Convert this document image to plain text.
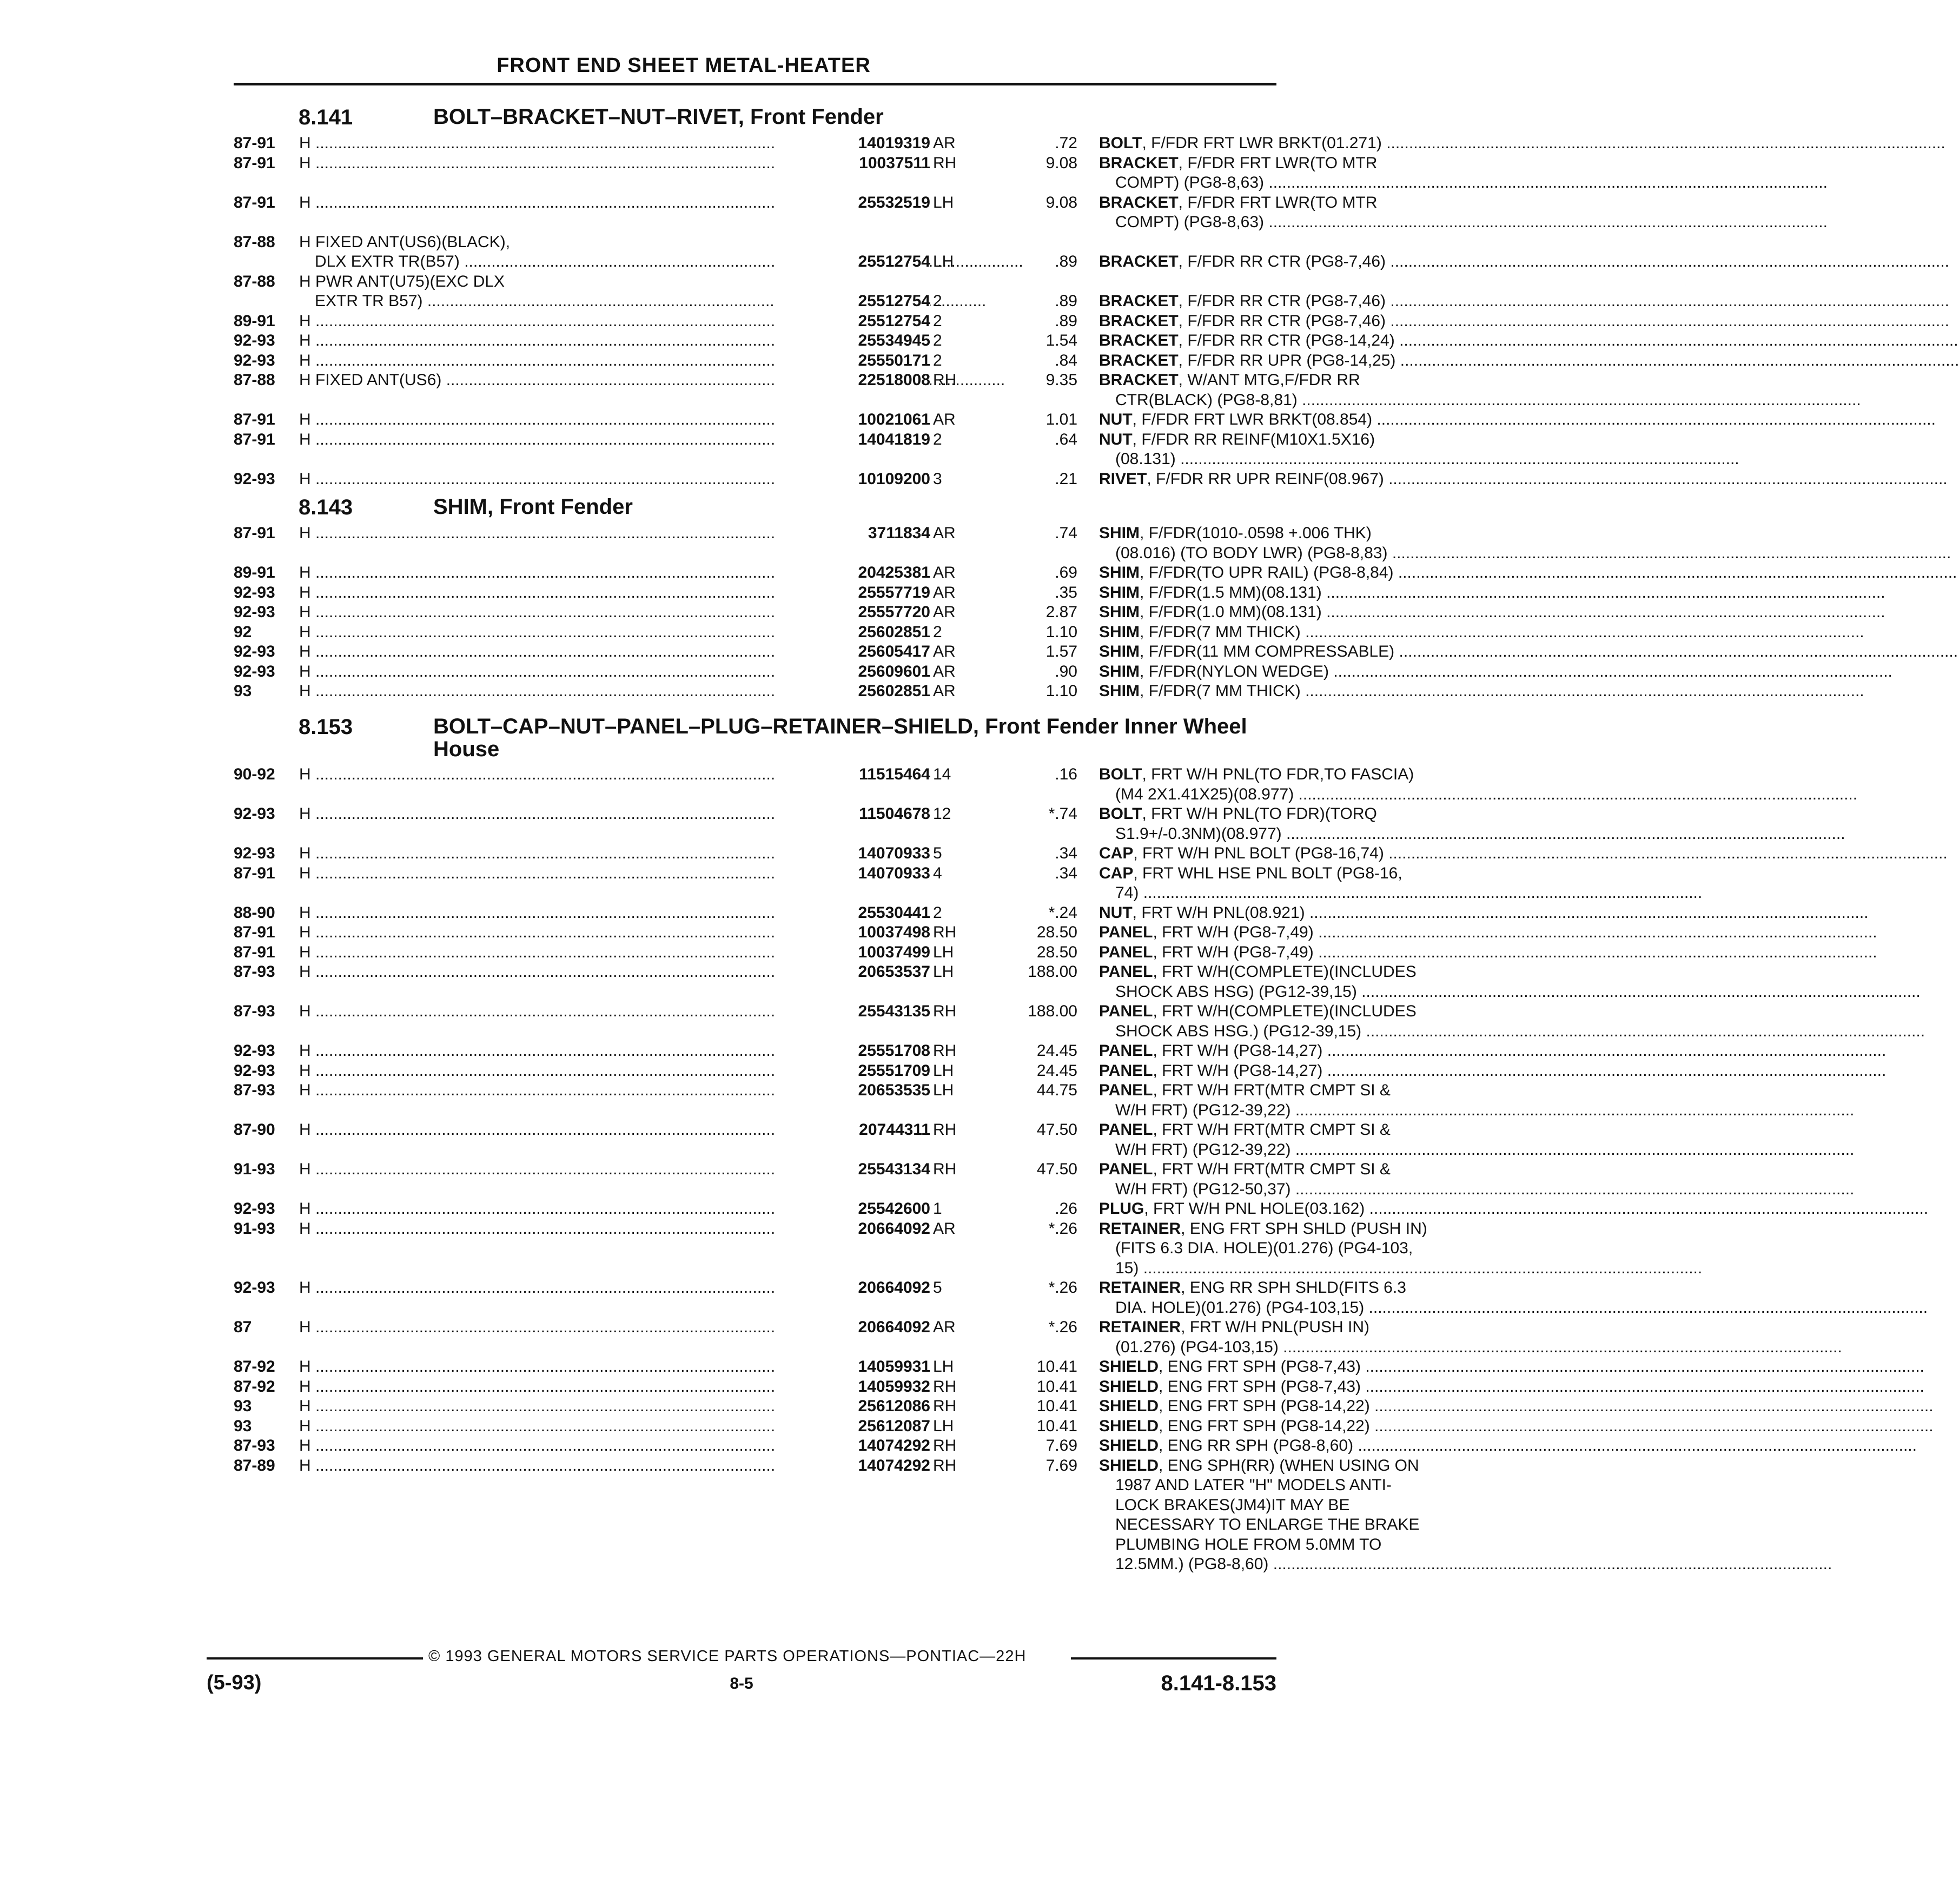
FRONT END SHEET METAL-HEATER
8.141	BOLT–BRACKET–NUT–RIVET, Front Fender
87-91 H .....	14019319 AR	.72 BOLT, F/FDR FRT LWR BRKT(01.271) .....
87-91 H .....	10037511 RH	9.08 BRACKET, F/FDR FRT LWR(TO MTR
COMPT) (PG8-8,63) .....
87-91 H .....	25532519 LH	9.08 BRACKET, F/FDR FRT LWR(TO MTR
COMPT) (PG8-8,63) .....
87-88 H FIXED ANT(US6)(BLACK),
DLX EXTR TR(B57) .....	25512754 LH	.89 BRACKET, F/FDR RR CTR (PG8-7,46) .....
87-88 H PWR ANT(U75)(EXC DLX
EXTR TR B57) .....	25512754 2	.89 BRACKET, F/FDR RR CTR (PG8-7,46) .....
89-91 H .....	25512754 2	.89 BRACKET, F/FDR RR CTR (PG8-7,46) .....
92-93 H .....	25534945 2	1.54 BRACKET, F/FDR RR CTR (PG8-14,24) .....
92-93 H .....	25550171 2	.84 BRACKET, F/FDR RR UPR (PG8-14,25) .....
87-88 H FIXED ANT(US6) .....	22518008 RH	9.35 BRACKET, W/ANT MTG,F/FDR RR
CTR(BLACK) (PG8-8,81) .....
87-91 H .....	10021061 AR	1.01 NUT, F/FDR FRT LWR BRKT(08.854) .....
87-91 H .....	14041819 2	.64 NUT, F/FDR RR REINF(M10X1.5X16)
(08.131) .....
92-93 H .....	10109200 3	.21 RIVET, F/FDR RR UPR REINF(08.967) .....
8.143	SHIM, Front Fender
87-91 H .....	3711834 AR	.74 SHIM, F/FDR(1010-.0598 +.006 THK)
(08.016) (TO BODY LWR) (PG8-8,83) .....
89-91 H .....	20425381 AR	.69 SHIM, F/FDR(TO UPR RAIL) (PG8-8,84) .....
92-93 H .....	25557719 AR	.35 SHIM, F/FDR(1.5 MM)(08.131) .....
92-93 H .....	25557720 AR	2.87 SHIM, F/FDR(1.0 MM)(08.131) .....
92	H .....	25602851 2	1.10 SHIM, F/FDR(7 MM THICK) .....
92-93 H .....	25605417 AR	1.57 SHIM, F/FDR(11 MM COMPRESSABLE) .....
92-93 H .....	25609601 AR	.90 SHIM, F/FDR(NYLON WEDGE) .....
93	H .....	25602851 AR	1.10 SHIM, F/FDR(7 MM THICK) .....
8.153	BOLT–CAP–NUT–PANEL–PLUG–RETAINER–SHIELD, Front Fender Inner Wheel House
90-92 H .....	11515464 14	.16 BOLT, FRT W/H PNL(TO FDR,TO FASCIA)
(M4 2X1.41X25)(08.977) .....
92-93 H .....	11504678 12	*.74 BOLT, FRT W/H PNL(TO FDR)(TORQ
S1.9+/-0.3NM)(08.977) .....
92-93 H .....	14070933 5	.34 CAP, FRT W/H PNL BOLT (PG8-16,74) .....
87-91 H .....	14070933 4	.34 CAP, FRT WHL HSE PNL BOLT (PG8-16,
74) .....
88-90 H .....	25530441 2	*.24 NUT, FRT W/H PNL(08.921) .....
87-91 H .....	10037498 RH	28.50 PANEL, FRT W/H (PG8-7,49) .....
87-91 H .....	10037499 LH	28.50 PANEL, FRT W/H (PG8-7,49) .....
87-93 H .....	20653537 LH	188.00 PANEL, FRT W/H(COMPLETE)(INCLUDES
SHOCK ABS HSG) (PG12-39,15) .....
87-93 H .....	25543135 RH	188.00 PANEL, FRT W/H(COMPLETE)(INCLUDES
SHOCK ABS HSG.) (PG12-39,15) .....
92-93 H .....	25551708 RH	24.45 PANEL, FRT W/H (PG8-14,27) .....
92-93 H .....	25551709 LH	24.45 PANEL, FRT W/H (PG8-14,27) .....
87-93 H .....	20653535 LH	44.75 PANEL, FRT W/H FRT(MTR CMPT SI &
W/H FRT) (PG12-39,22) .....
87-90 H .....	20744311 RH	47.50 PANEL, FRT W/H FRT(MTR CMPT SI &
W/H FRT) (PG12-39,22) .....
91-93 H .....	25543134 RH	47.50 PANEL, FRT W/H FRT(MTR CMPT SI &
W/H FRT) (PG12-50,37) .....
92-93 H .....	25542600 1	.26 PLUG, FRT W/H PNL HOLE(03.162) .....
91-93 H .....	20664092 AR	*.26 RETAINER, ENG FRT SPH SHLD (PUSH IN)
(FITS 6.3 DIA. HOLE)(01.276) (PG4-103,
15) .....
92-93 H .....	20664092 5	*.26 RETAINER, ENG RR SPH SHLD(FITS 6.3
DIA. HOLE)(01.276) (PG4-103,15) .....
87	H .....	20664092 AR	*.26 RETAINER, FRT W/H PNL(PUSH IN)
(01.276) (PG4-103,15) .....
87-92 H .....	14059931 LH	10.41 SHIELD, ENG FRT SPH (PG8-7,43) .....
87-92 H .....	14059932 RH	10.41 SHIELD, ENG FRT SPH (PG8-7,43) .....
93	H .....	25612086 RH	10.41 SHIELD, ENG FRT SPH (PG8-14,22) .....
93	H .....	25612087 LH	10.41 SHIELD, ENG FRT SPH (PG8-14,22) .....
87-93 H .....	14074292 RH	7.69 SHIELD, ENG RR SPH (PG8-8,60) .....
87-89 H .....	14074292 RH	7.69 SHIELD, ENG SPH(RR) (WHEN USING ON
1987 AND LATER "H" MODELS ANTI-
LOCK BRAKES(JM4)IT MAY BE
NECESSARY TO ENLARGE THE BRAKE
PLUMBING HOLE FROM 5.0MM TO
12.5MM.) (PG8-8,60) .....
© 1993 GENERAL MOTORS SERVICE PARTS OPERATIONS—PONTIAC—22H
(5-93)	8-5	8.141-8.153
